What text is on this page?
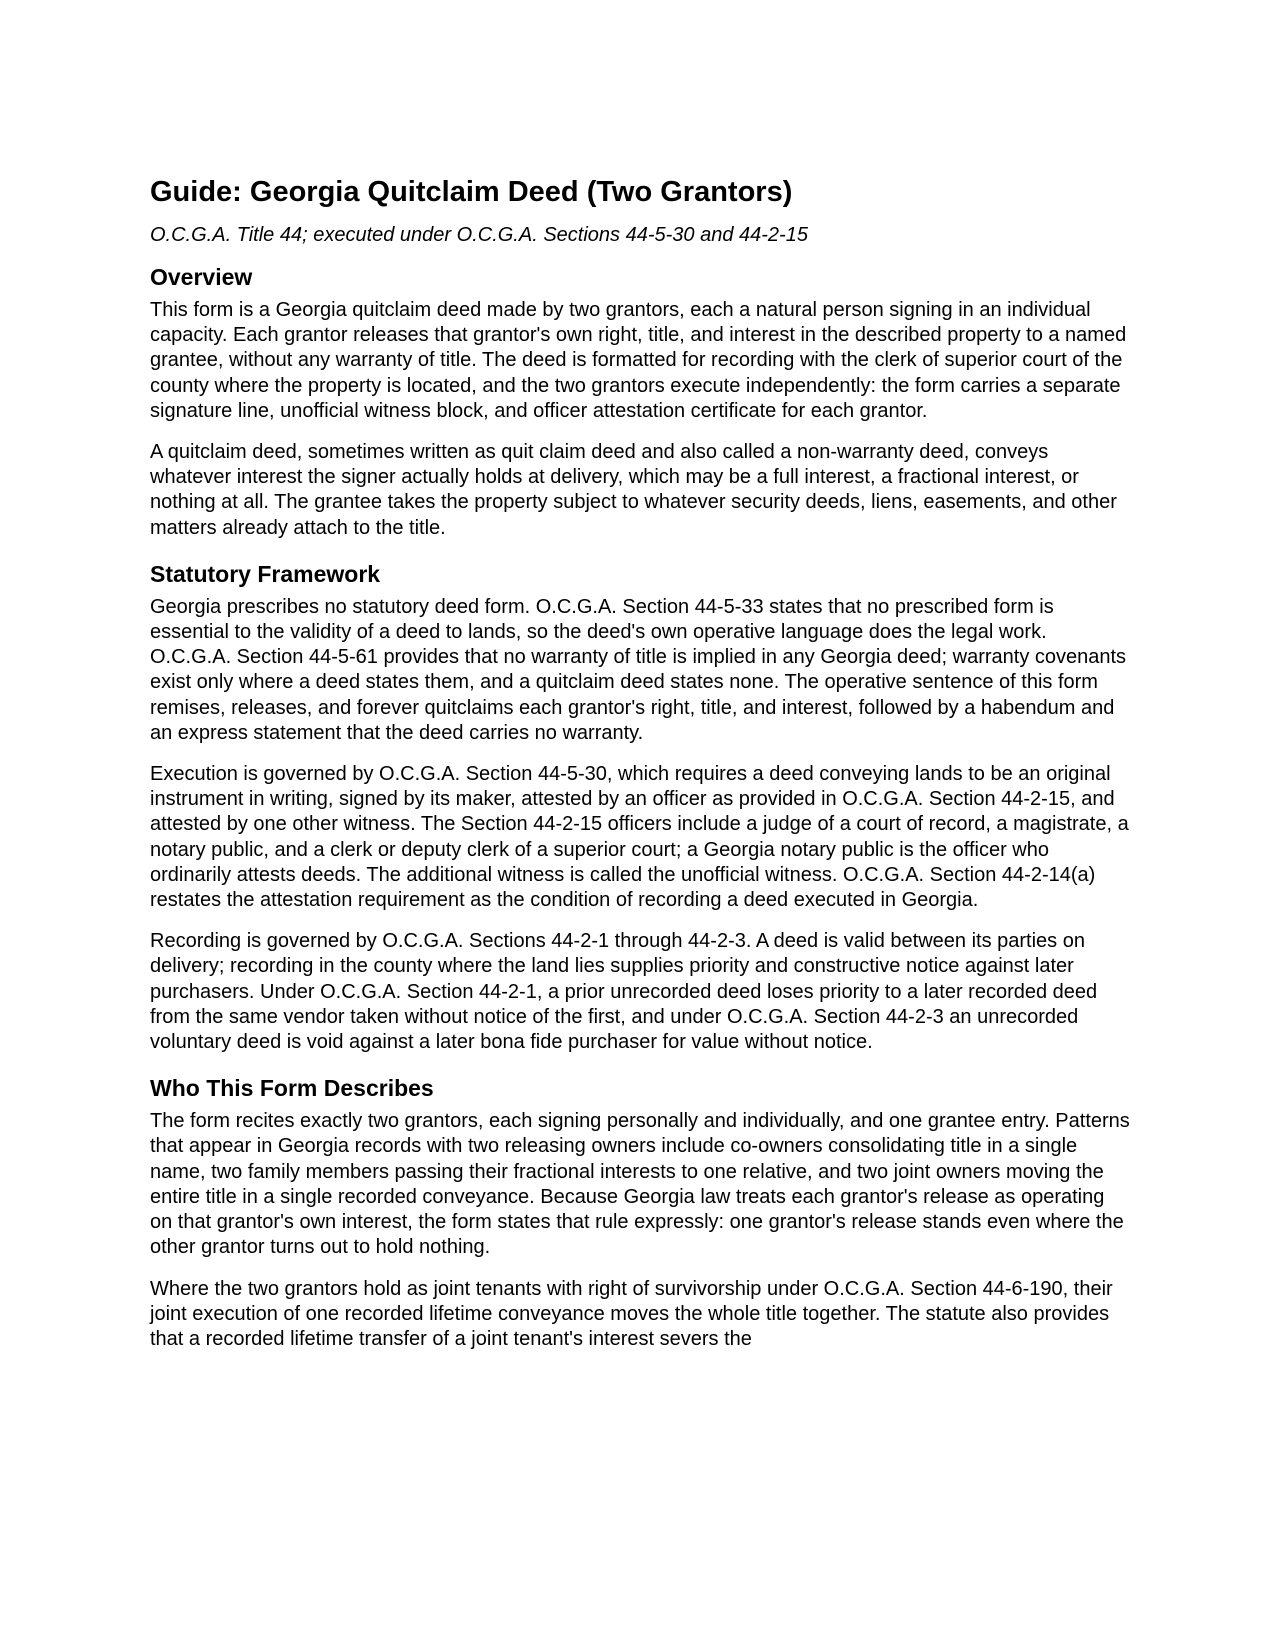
Guide: Georgia Quitclaim Deed (Two Grantors)
O.C.G.A. Title 44; executed under O.C.G.A. Sections 44-5-30 and 44-2-15
Overview

This form is a Georgia quitclaim deed made by two grantors, each a natural person signing in an individual capacity. Each grantor releases that grantor's own right, title, and interest in the described property to a named grantee, without any warranty of title. The deed is formatted for recording with the clerk of superior court of the county where the property is located, and the two grantors execute independently: the form carries a separate signature line, unofficial witness block, and officer attestation certificate for each grantor.

A quitclaim deed, sometimes written as quit claim deed and also called a non-warranty deed, conveys whatever interest the signer actually holds at delivery, which may be a full interest, a fractional interest, or nothing at all. The grantee takes the property subject to whatever security deeds, liens, easements, and other matters already attach to the title.

Statutory Framework

Georgia prescribes no statutory deed form. O.C.G.A. Section 44-5-33 states that no prescribed form is essential to the validity of a deed to lands, so the deed's own operative language does the legal work. O.C.G.A. Section 44-5-61 provides that no warranty of title is implied in any Georgia deed; warranty covenants exist only where a deed states them, and a quitclaim deed states none. The operative sentence of this form remises, releases, and forever quitclaims each grantor's right, title, and interest, followed by a habendum and an express statement that the deed carries no warranty.

Execution is governed by O.C.G.A. Section 44-5-30, which requires a deed conveying lands to be an original instrument in writing, signed by its maker, attested by an officer as provided in O.C.G.A. Section 44-2-15, and attested by one other witness. The Section 44-2-15 officers include a judge of a court of record, a magistrate, a notary public, and a clerk or deputy clerk of a superior court; a Georgia notary public is the officer who ordinarily attests deeds. The additional witness is called the unofficial witness. O.C.G.A. Section 44-2-14(a) restates the attestation requirement as the condition of recording a deed executed in Georgia.

Recording is governed by O.C.G.A. Sections 44-2-1 through 44-2-3. A deed is valid between its parties on delivery; recording in the county where the land lies supplies priority and constructive notice against later purchasers. Under O.C.G.A. Section 44-2-1, a prior unrecorded deed loses priority to a later recorded deed from the same vendor taken without notice of the first, and under O.C.G.A. Section 44-2-3 an unrecorded voluntary deed is void against a later bona fide purchaser for value without notice.

Who This Form Describes

The form recites exactly two grantors, each signing personally and individually, and one grantee entry. Patterns that appear in Georgia records with two releasing owners include co-owners consolidating title in a single name, two family members passing their fractional interests to one relative, and two joint owners moving the entire title in a single recorded conveyance. Because Georgia law treats each grantor's release as operating on that grantor's own interest, the form states that rule expressly: one grantor's release stands even where the other grantor turns out to hold nothing.

Where the two grantors hold as joint tenants with right of survivorship under O.C.G.A. Section 44-6-190, their joint execution of one recorded lifetime conveyance moves the whole title together. The statute also provides that a recorded lifetime transfer of a joint tenant's interest severs the
